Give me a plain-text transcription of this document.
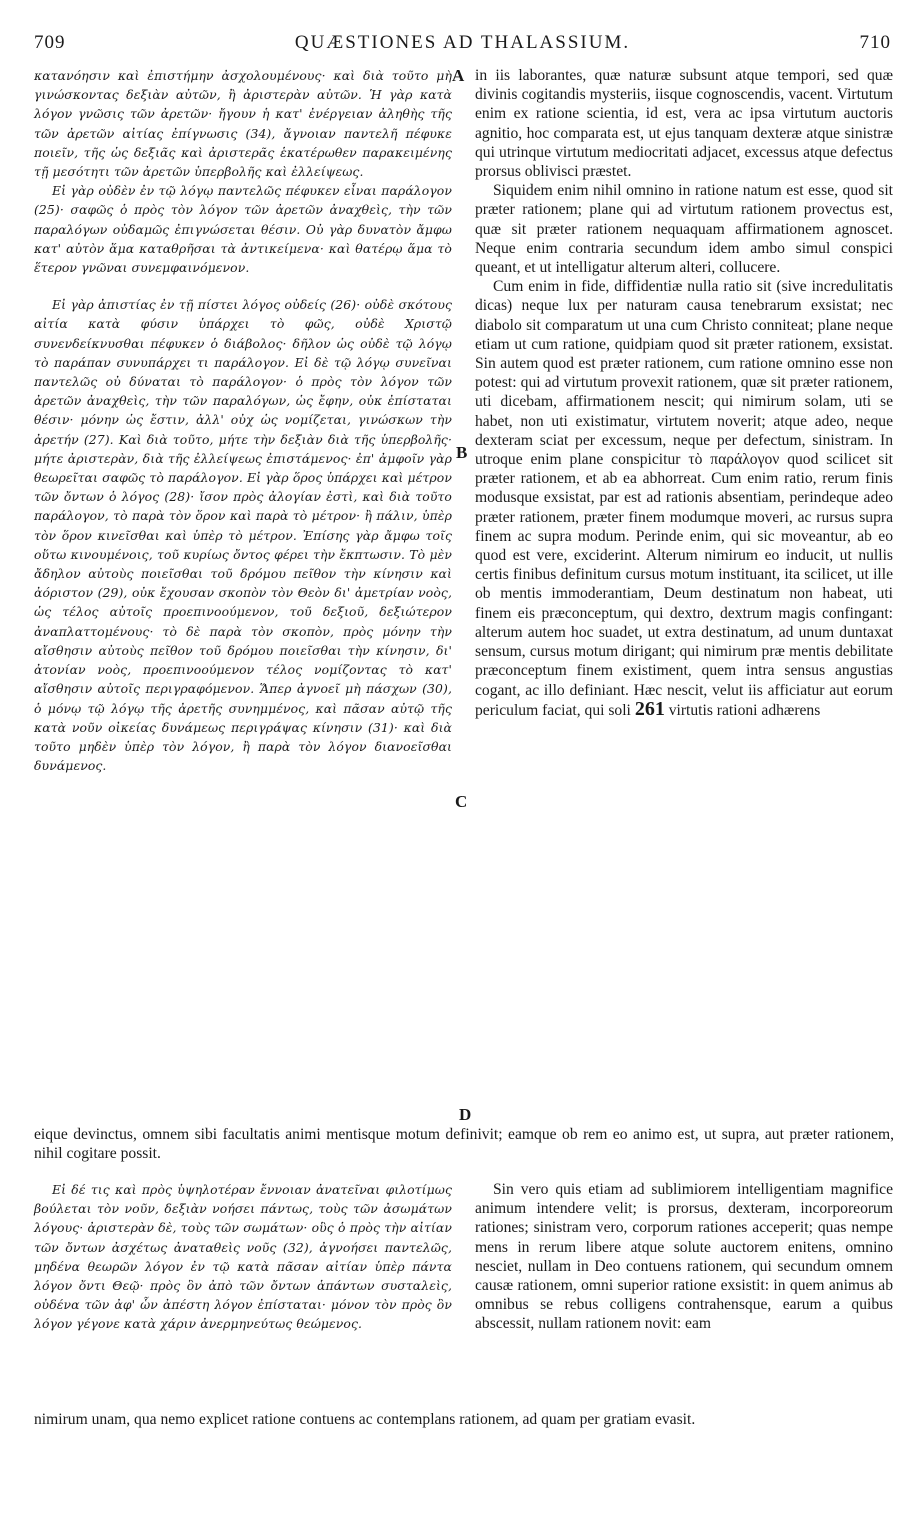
709	QUÆSTIONES AD THALASSIUM.	710

κατανόησιν καὶ ἐπιστήμην ἀσχολουμένους· καὶ διὰ τοῦτο μὴ γινώσκοντας δεξιὰν αὐτῶν, ἢ ἀριστερὰν αὐτῶν. Ἡ γὰρ κατὰ λόγον γνῶσις τῶν ἀρετῶν· ἤγουν ἡ κατ' ἐνέργειαν ἀληθὴς τῆς τῶν ἀρετῶν αἰτίας ἐπίγνωσις (34), ἄγνοιαν παντελῆ πέφυκε ποιεῖν, τῆς ὡς δεξιᾶς καὶ ἀριστερᾶς ἑκατέρωθεν παρακειμένης τῇ μεσότητι τῶν ἀρετῶν ὑπερβολῆς καὶ ἐλλείψεως.

Εἰ γὰρ οὐδὲν ἐν τῷ λόγῳ παντελῶς πέφυκεν εἶναι παράλογον (25)· σαφῶς ὁ πρὸς τὸν λόγον τῶν ἀρετῶν ἀναχθεὶς, τὴν τῶν παραλόγων οὐδαμῶς ἐπιγνώσεται θέσιν. Οὐ γὰρ δυνατὸν ἄμφω κατ' αὐτὸν ἅμα καταθρῆσαι τὰ ἀντικείμενα· καὶ θατέρῳ ἅμα τὸ ἕτερον γνῶναι συνεμφαινόμενον.

Εἰ γὰρ ἀπιστίας ἐν τῇ πίστει λόγος οὐδείς (26)· οὐδὲ σκότους αἰτία κατὰ φύσιν ὑπάρχει τὸ φῶς, οὐδὲ Χριστῷ συνενδείκνυσθαι πέφυκεν ὁ διάβολος· δῆλον ὡς οὐδὲ τῷ λόγῳ τὸ παράπαν συνυπάρχει τι παράλογον. Εἰ δὲ τῷ λόγῳ συνεῖναι παντελῶς οὐ δύναται τὸ παράλογον· ὁ πρὸς τὸν λόγον τῶν ἀρετῶν ἀναχθεὶς, τὴν τῶν παραλόγων, ὡς ἔφην, οὐκ ἐπίσταται θέσιν· μόνην ὡς ἔστιν, ἀλλ' οὐχ ὡς νομίζεται, γινώσκων τὴν ἀρετήν (27). Καὶ διὰ τοῦτο, μήτε τὴν δεξιὰν διὰ τῆς ὑπερβολῆς· μήτε ἀριστερὰν, διὰ τῆς ἐλλείψεως ἐπιστάμενος· ἐπ' ἀμφοῖν γὰρ θεωρεῖται σαφῶς τὸ παράλογον. Εἰ γὰρ ὅρος ὑπάρχει καὶ μέτρον τῶν ὄντων ὁ λόγος (28)· ἴσον πρὸς ἀλογίαν ἐστὶ, καὶ διὰ τοῦτο παράλογον, τὸ παρὰ τὸν ὅρον καὶ παρὰ τὸ μέτρον· ἢ πάλιν, ὑπὲρ τὸν ὅρον κινεῖσθαι καὶ ὑπὲρ τὸ μέτρον. Ἐπίσης γὰρ ἄμφω τοῖς οὕτω κινουμένοις, τοῦ κυρίως ὄντος φέρει τὴν ἔκπτωσιν. Τὸ μὲν ἄδηλον αὐτοὺς ποιεῖσθαι τοῦ δρόμου πεῖθον τὴν κίνησιν καὶ ἀόριστον (29), οὐκ ἔχουσαν σκοπὸν τὸν Θεὸν δι' ἀμετρίαν νοὸς, ὡς τέλος αὐτοῖς προεπινοούμενον, τοῦ δεξιοῦ, δεξιώτερον ἀναπλαττομένους· τὸ δὲ παρὰ τὸν σκοπὸν, πρὸς μόνην τὴν αἴσθησιν αὐτοὺς πεῖθον τοῦ δρόμου ποιεῖσθαι τὴν κίνησιν, δι' ἀτονίαν νοὸς, προεπινοούμενον τέλος νομίζοντας τὸ κατ' αἴσθησιν αὐτοῖς περιγραφόμενον. Ἅπερ ἀγνοεῖ μὴ πάσχων (30), ὁ μόνῳ τῷ λόγῳ τῆς ἀρετῆς συνημμένος, καὶ πᾶσαν αὐτῷ τῆς κατὰ νοῦν οἰκείας δυνάμεως περιγράψας κίνησιν (31)· καὶ διὰ τοῦτο μηδὲν ὑπὲρ τὸν λόγον, ἢ παρὰ τὸν λόγον διανοεῖσθαι δυνάμενος.

in iis laborantes, quæ naturæ subsunt atque tempori, sed quæ divinis cogitandis mysteriis, iisque cognoscendis, vacent. Virtutum enim ex ratione scientia, id est, vera ac ipsa virtutum auctoris agnitio, hoc comparata est, ut ejus tanquam dexteræ atque sinistræ qui utrinque virtutum mediocritati adjacet, excessus atque defectus prorsus oblivisci præstet.

Siquidem enim nihil omnino in ratione natum est esse, quod sit præter rationem; plane qui ad virtutum rationem provectus est, quæ sit præter rationem nequaquam affirmationem agnoscet. Neque enim contraria secundum idem ambo simul conspici queant, et ut intelligatur alterum alteri, collucere.

Cum enim in fide, diffidentiæ nulla ratio sit (sive incredulitatis dicas) neque lux per naturam causa tenebrarum exsistat; nec diabolo sit comparatum ut una cum Christo conniteat; plane neque etiam ut cum ratione, quidpiam quod sit præter rationem, exsistat. Sin autem quod est præter rationem, cum ratione omnino esse non potest: qui ad virtutum provexit rationem, quæ sit præter rationem, uti dicebam, affirmationem nescit; qui nimirum solam, uti se habet, non uti existimatur, virtutem noverit; atque adeo, neque dexteram sciat per excessum, neque per defectum, sinistram. In utroque enim plane conspicitur τὸ παράλογον quod scilicet sit præter rationem, et ab ea abhorreat. Cum enim ratio, rerum finis modusque exsistat, par est ad rationis absentiam, perindeque adeo præter rationem, præter finem modumque moveri, ac rursus supra finem ac supra modum. Perinde enim, qui sic moveantur, ab eo quod est vere, exciderint. Alterum nimirum eo inducit, ut nullis certis finibus definitum cursus motum instituant, ita scilicet, ut ille ob mentis immoderantiam, Deum destinatum non habeat, uti finem eis præconceptum, qui dextro, dextrum magis confingant: alterum autem hoc suadet, ut extra destinatum, ad unum duntaxat sensum, cursus motum dirigant; qui nimirum præ mentis debilitate præconceptum finem existiment, quem intra sensus angustias cogant, ac illo definiant. Hæc nescit, velut iis afficiatur aut eorum periculum faciat, qui soli 261 virtutis rationi adhærens

A
B
C
D

eique devinctus, omnem sibi facultatis animi mentisque motum definivit; eamque ob rem eo animo est, ut supra, aut præter rationem, nihil cogitare possit.

Εἰ δέ τις καὶ πρὸς ὑψηλοτέραν ἔννοιαν ἀνατεῖναι φιλοτίμως βούλεται τὸν νοῦν, δεξιὰν νοήσει πάντως, τοὺς τῶν ἀσωμάτων λόγους· ἀριστερὰν δὲ, τοὺς τῶν σωμάτων· οὓς ὁ πρὸς τὴν αἰτίαν τῶν ὄντων ἀσχέτως ἀναταθεὶς νοῦς (32), ἀγνοήσει παντελῶς, μηδένα θεωρῶν λόγον ἐν τῷ κατὰ πᾶσαν αἰτίαν ὑπὲρ πάντα λόγον ὄντι Θεῷ· πρὸς ὃν ἀπὸ τῶν ὄντων ἁπάντων συσταλεὶς, οὐδένα τῶν ἀφ' ὧν ἀπέστη λόγον ἐπίσταται· μόνον τὸν πρὸς ὃν λόγον γέγονε κατὰ χάριν ἀνερμηνεύτως θεώμενος.

Sin vero quis etiam ad sublimiorem intelligentiam magnifice animum intendere velit; is prorsus, dexteram, incorporeorum rationes; sinistram vero, corporum rationes acceperit; quas nempe mens in rerum libere atque solute auctorem enitens, omnino nesciet, nullam in Deo contuens rationem, qui secundum omnem causæ rationem, omni superior ratione exsistit: in quem animus ab omnibus se rebus colligens contrahensque, earum a quibus abscessit, nullam rationem novit: eam

nimirum unam, qua nemo explicet ratione contuens ac contemplans rationem, ad quam per gratiam evasit.
